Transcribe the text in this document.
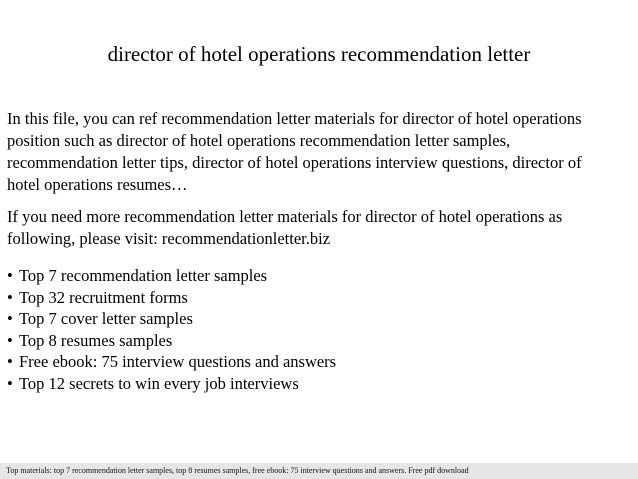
director of hotel operations recommendation letter
In this file, you can ref recommendation letter materials for director of hotel operations
position such as director of hotel operations recommendation letter samples,
recommendation letter tips, director of hotel operations interview questions, director of
hotel operations resumes…
If you need more recommendation letter materials for director of hotel operations as
following, please visit: recommendationletter.biz
• Top 7 recommendation letter samples
• Top 32 recruitment forms
• Top 7 cover letter samples
• Top 8 resumes samples
• Free ebook: 75 interview questions and answers
• Top 12 secrets to win every job interviews
Top materials: top 7 recommendation letter samples, top 8 resumes samples, free ebook: 75 interview questions and answers. Free pdf download
